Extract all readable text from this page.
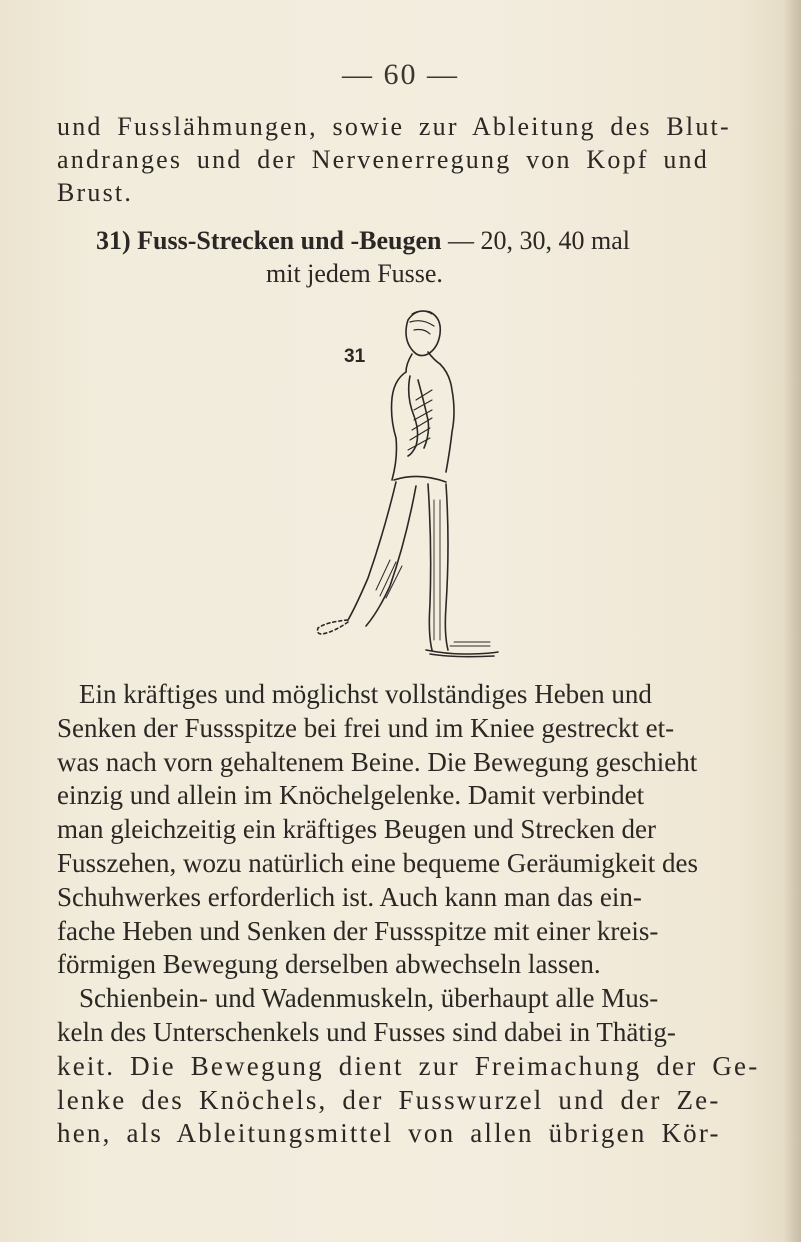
— 60 —
und Fusslähmungen, sowie zur Ableitung des Blut-
andranges und der Nervenerregung von Kopf und
Brust.
31) Fuss-Strecken und -Beugen — 20, 30, 40 mal
mit jedem Fusse.
31
Ein kräftiges und möglichst vollständiges Heben und
Senken der Fussspitze bei frei und im Kniee gestreckt et-
was nach vorn gehaltenem Beine. Die Bewegung geschieht
einzig und allein im Knöchelgelenke. Damit verbindet
man gleichzeitig ein kräftiges Beugen und Strecken der
Fusszehen, wozu natürlich eine bequeme Geräumigkeit des
Schuhwerkes erforderlich ist. Auch kann man das ein-
fache Heben und Senken der Fussspitze mit einer kreis-
förmigen Bewegung derselben abwechseln lassen.
Schienbein- und Wadenmuskeln, überhaupt alle Mus-
keln des Unterschenkels und Fusses sind dabei in Thätig-
keit. Die Bewegung dient zur Freimachung der Ge-
lenke des Knöchels, der Fusswurzel und der Ze-
hen, als Ableitungsmittel von allen übrigen Kör-
